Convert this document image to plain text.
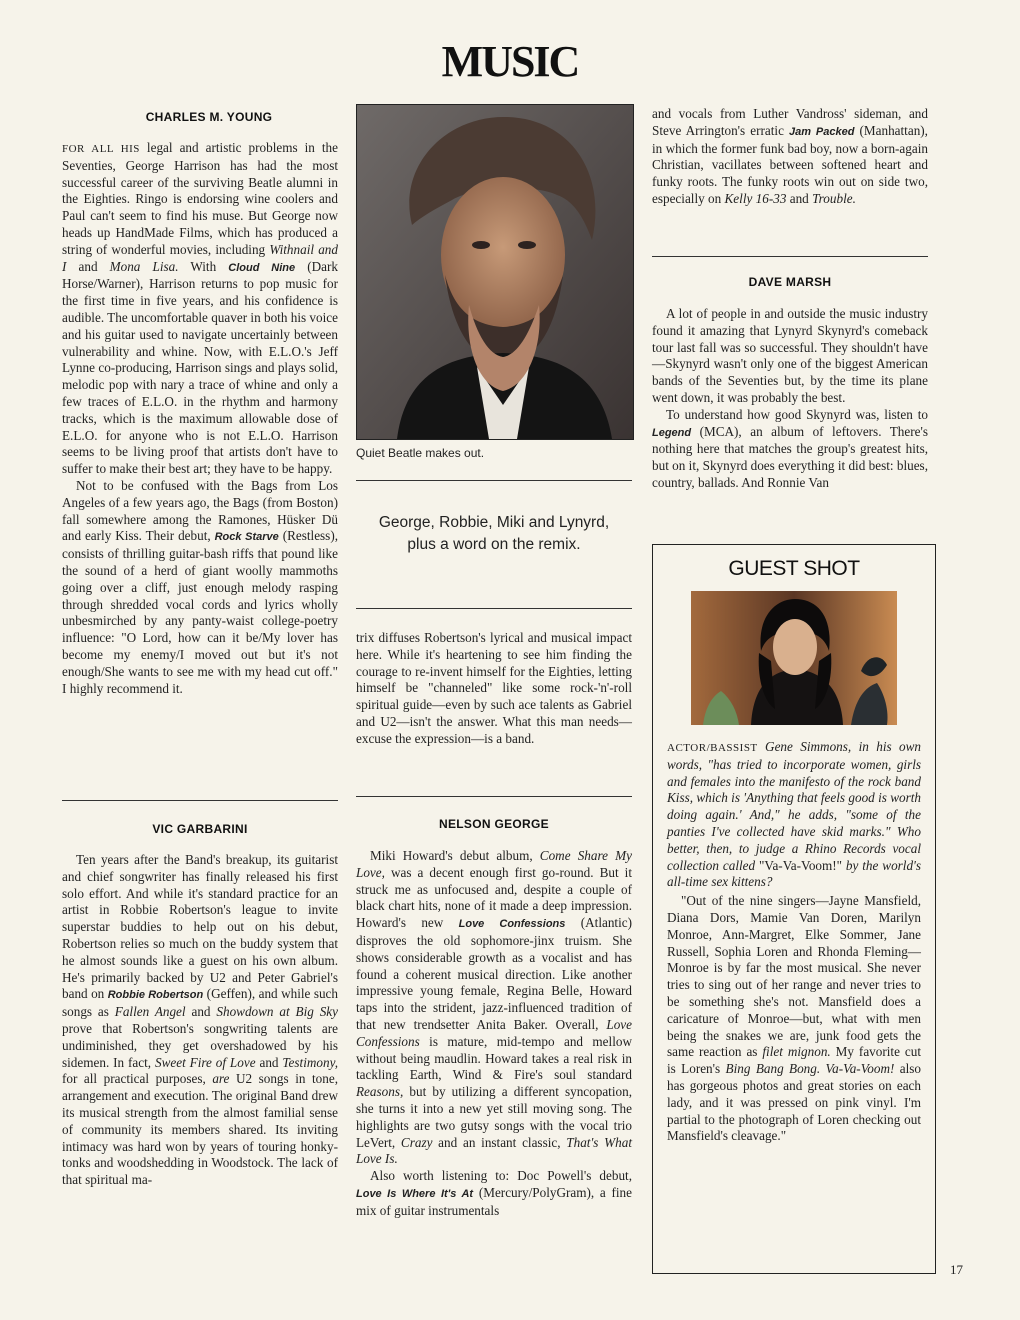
MUSIC
CHARLES M. YOUNG

FOR ALL HIS legal and artistic problems in the Seventies, George Harrison has had the most successful career of the surviving Beatle alumni in the Eighties. Ringo is endorsing wine coolers and Paul can't seem to find his muse. But George now heads up HandMade Films, which has produced a string of wonderful movies, including Withnail and I and Mona Lisa. With Cloud Nine (Dark Horse/Warner), Harrison returns to pop music for the first time in five years, and his confidence is audible. The uncomfortable quaver in both his voice and his guitar used to navigate uncertainly between vulnerability and whine. Now, with E.L.O.'s Jeff Lynne co-producing, Harrison sings and plays solid, melodic pop with nary a trace of whine and only a few traces of E.L.O. in the rhythm and harmony tracks, which is the maximum allowable dose of E.L.O. for anyone who is not E.L.O. Harrison seems to be living proof that artists don't have to suffer to make their best art; they have to be happy.

Not to be confused with the Bags from Los Angeles of a few years ago, the Bags (from Boston) fall somewhere among the Ramones, Hüsker Dü and early Kiss. Their debut, Rock Starve (Restless), consists of thrilling guitar-bash riffs that pound like the sound of a herd of giant woolly mammoths going over a cliff, just enough melody rasping through shredded vocal cords and lyrics wholly unbesmirched by any panty-waist college-poetry influence: "O Lord, how can it be/My lover has become my enemy/I moved out but it's not enough/She wants to see me with my head cut off." I highly recommend it.

VIC GARBARINI

Ten years after the Band's breakup, its guitarist and chief songwriter has finally released his first solo effort. And while it's standard practice for an artist in Robbie Robertson's league to invite superstar buddies to help out on his debut, Robertson relies so much on the buddy system that he almost sounds like a guest on his own album. He's primarily backed by U2 and Peter Gabriel's band on Robbie Robertson (Geffen), and while such songs as Fallen Angel and Showdown at Big Sky prove that Robertson's songwriting talents are undiminished, they get overshadowed by his sidemen. In fact, Sweet Fire of Love and Testimony, for all practical purposes, are U2 songs in tone, arrangement and execution. The original Band drew its musical strength from the almost familial sense of community its members shared. Its inviting intimacy was hard won by years of touring honky-tonks and woodshedding in Woodstock. The lack of that spiritual ma-

Quiet Beatle makes out.
George, Robbie, Miki and Lynyrd, plus a word on the remix.

trix diffuses Robertson's lyrical and musical impact here. While it's heartening to see him finding the courage to re-invent himself for the Eighties, letting himself be "channeled" like some rock-'n'-roll spiritual guide—even by such ace talents as Gabriel and U2—isn't the answer. What this man needs—excuse the expression—is a band.

NELSON GEORGE

Miki Howard's debut album, Come Share My Love, was a decent enough first go-round. But it struck me as unfocused and, despite a couple of black chart hits, none of it made a deep impression. Howard's new Love Confessions (Atlantic) disproves the old sophomore-jinx truism. She shows considerable growth as a vocalist and has found a coherent musical direction. Like another impressive young female, Regina Belle, Howard taps into the strident, jazz-influenced tradition of that new trendsetter Anita Baker. Overall, Love Confessions is mature, mid-tempo and mellow without being maudlin. Howard takes a real risk in tackling Earth, Wind & Fire's soul standard Reasons, but by utilizing a different syncopation, she turns it into a new yet still moving song. The highlights are two gutsy songs with the vocal trio LeVert, Crazy and an instant classic, That's What Love Is.

Also worth listening to: Doc Powell's debut, Love Is Where It's At (Mercury/PolyGram), a fine mix of guitar instrumentals

and vocals from Luther Vandross' sideman, and Steve Arrington's erratic Jam Packed (Manhattan), in which the former funk bad boy, now a born-again Christian, vacillates between softened heart and funky roots. The funky roots win out on side two, especially on Kelly 16-33 and Trouble.

DAVE MARSH

A lot of people in and outside the music industry found it amazing that Lynyrd Skynyrd's comeback tour last fall was so successful. They shouldn't have—Skynyrd wasn't only one of the biggest American bands of the Seventies but, by the time its plane went down, it was probably the best.

To understand how good Skynyrd was, listen to Legend (MCA), an album of leftovers. There's nothing here that matches the group's greatest hits, but on it, Skynyrd does everything it did best: blues, country, ballads. And Ronnie Van

GUEST SHOT

ACTOR/BASSIST Gene Simmons, in his own words, "has tried to incorporate women, girls and females into the manifesto of the rock band Kiss, which is 'Anything that feels good is worth doing again.' And," he adds, "some of the panties I've collected have skid marks." Who better, then, to judge a Rhino Records vocal collection called "Va-Va-Voom!" by the world's all-time sex kittens?

"Out of the nine singers—Jayne Mansfield, Diana Dors, Mamie Van Doren, Marilyn Monroe, Ann-Margret, Elke Sommer, Jane Russell, Sophia Loren and Rhonda Fleming—Monroe is by far the most musical. She never tries to sing out of her range and never tries to be something she's not. Mansfield does a caricature of Monroe—but, what with men being the snakes we are, junk food gets the same reaction as filet mignon. My favorite cut is Loren's Bing Bang Bong. Va-Va-Voom! also has gorgeous photos and great stories on each lady, and it was pressed on pink vinyl. I'm partial to the photograph of Loren checking out Mansfield's cleavage."

17
